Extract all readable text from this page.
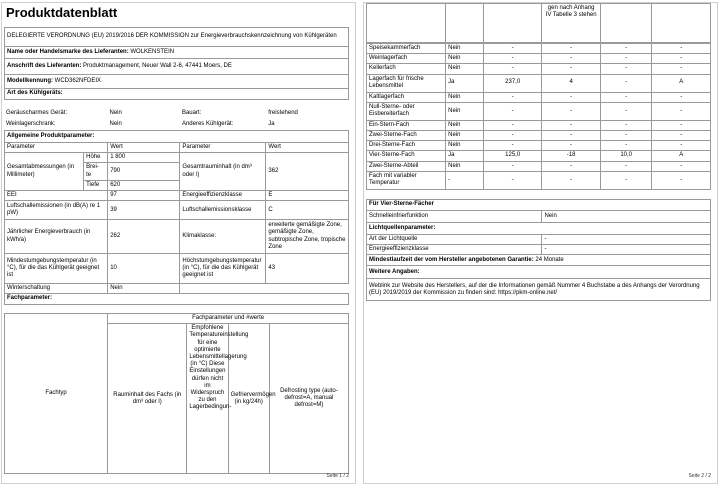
Produktdatenblatt
DELEGIERTE VERORDNUNG (EU) 2019/2016 DER KOMMISSION zur Energieverbrauchskennzeichnung von Kühlgeräten
Name oder Handelsmarke des Lieferanten: WOLKENSTEIN
Anschrift des Lieferanten: Produktmanagement, Neuer Wall 2-6, 47441 Moers, DE
Modellkennung: WCD362NFDEIX
Art des Kühlgeräts:
Geräuscharmes Gerät:	Nein	Bauart:	freistehend
Weinlagerschrank:	Nein	Anderes Kühlgerät:	Ja
Allgemeine Produktparameter:				
Parameter		Wert	Parameter	Wert
Gesamtabmessungen (in Millimeter)	Höhe	1 800	Gesamtrauminhalt (in dm³ oder l)	362
	Brei-
te	790		
	Tiefe	620		
EEI		97	Energieeffizienzklasse	E
Luftschallemissionen (in dB(A) re 1 pW)		39	Luftschallemissionsklasse	C
Jährlicher Energieverbrauch (in kWh/a)		262	Klimaklasse:	erweiterte gemäßigte Zone, gemäßigte Zone, subtropische Zone, tropische Zone
Mindestumgebungstemperatur (in °C), für die das Kühlgerät geeignet ist		10	Höchstumgebungstemperatur (in °C), für die das Kühlgerät geeignet ist	43
Winterschaltung		Nein		
Fachparameter:				
Fachtyp	Fachparameter und #werte			
	Rauminhalt des Fachs (in dm³ oder l)	Empfohlene Temperatureinstellung für eine optimierte Lebensmittellagerung (in °C) Diese Einstellungen dürfen nicht im Widerspruch zu den Lagerbedingun-	Gefriervermögen (in kg/24h)	Defrosting type (auto-defrost=A, manual defrost=M)
Seite 1 / 2
			gen nach Anhang IV Tabelle 3 stehen		
Speisekammerfach	Nein	-	-	-	-
Weinlagerfach	Nein	-	-	-	-
Kellerfach	Nein	-	-	-	-
Lagerfach für frische Lebensmittel	Ja	237,0	4	-	A
Kaltlagerfach	Nein	-	-	-	-
Null-Sterne- oder Eisbereiterfach	Nein	-	-	-	-
Ein-Stern-Fach	Nein	-	-	-	-
Zwei-Sterne-Fach	Nein	-	-	-	-
Drei-Sterne-Fach	Nein	-	-	-	-
Vier-Sterne-Fach	Ja	125,0	-18	10,0	A
Zwei-Sterne-Abteil	Nein	-	-	-	-
Fach mit variabler Temperatur	-	-	-	-	-
Für Vier-Sterne-Fächer	
Schnelleinfrierfunktion	Nein
Lichtquellenparameter:	
Art der Lichtquelle	-
Energieeffizienzklasse	-
Mindestlaufzeit der vom Hersteller angebotenen Garantie: 24 Monate	
Weitere Angaben:	
Weblink zur Website des Herstellers, auf der die Informationen gemäß Nummer 4 Buchstabe a des Anhangs der Verordnung (EU) 2019/2019 der Kommission zu finden sind: https://pkm-online.net/	
Seite 2 / 2
